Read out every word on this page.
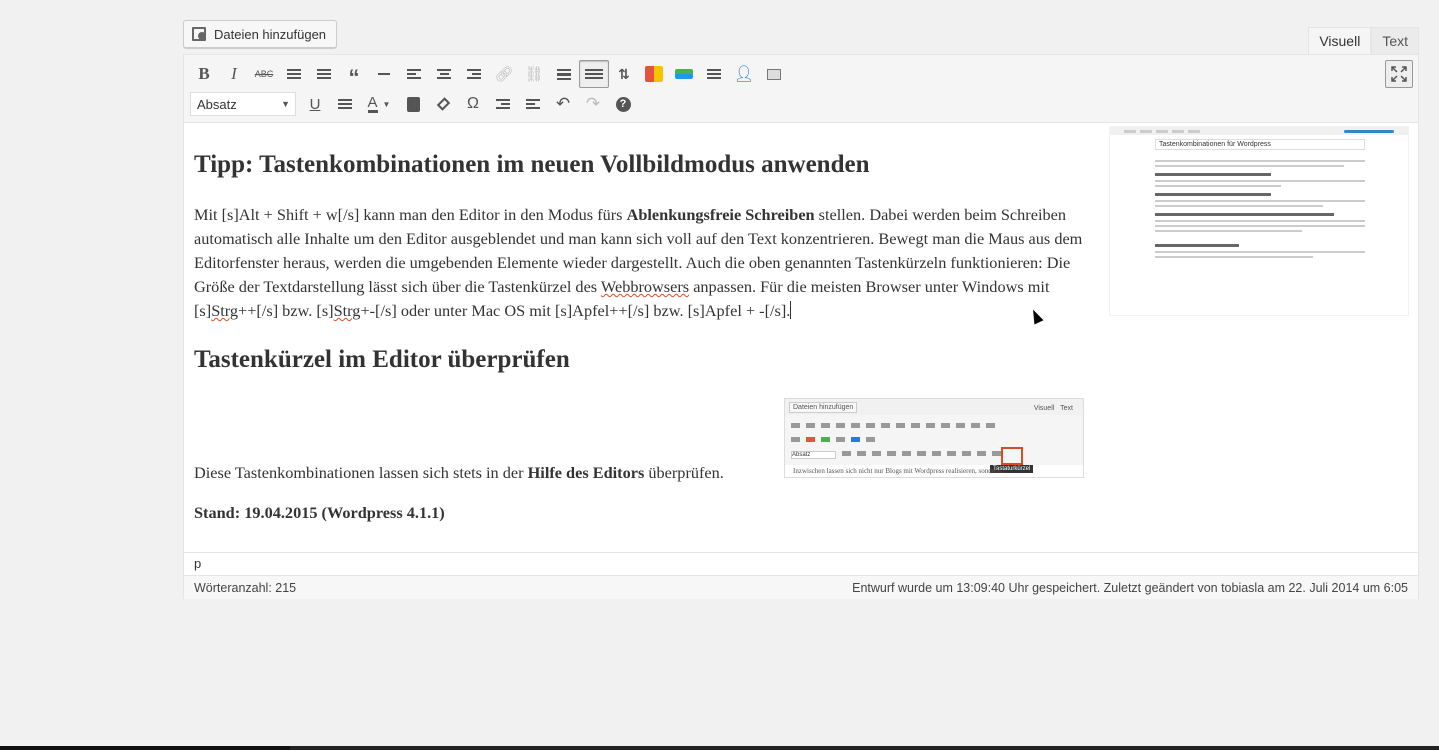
Dateien hinzufügen	Visuell	Text
B I ABC	“	🔗︎ ⛓︎	⇅	👤︎
Absatz	▼	U	A ▼	Ω	↶ ↷	?
Tastenkombinationen für Wordpress
Tipp: Tastenkombinationen im neuen Vollbildmodus anwenden

Mit [s]Alt + Shift + w[/s] kann man den Editor in den Modus fürs Ablenkungsfreie Schreiben stellen. Dabei werden beim Schreiben automatisch alle Inhalte um den Editor ausgeblendet und man kann sich voll auf den Text konzentrieren. Bewegt man die Maus aus dem Editorfenster heraus, werden die umgebenden Elemente wieder dargestellt. Auch die oben genannten Tastenkürzeln funktionieren: Die Größe der Textdarstellung lässt sich über die Tastenkürzel des Webbrowsers anpassen. Für die meisten Browser unter Windows mit [s]Strg++[/s] bzw. [s]Strg+-[/s] oder unter Mac OS mit [s]Apfel++[/s] bzw. [s]Apfel + -[/s].

Tastenkürzel im Editor überprüfen
Dateien hinzufügen	Visuell Text
Absatz
Tastaturkürzel
Inzwischen lassen sich nicht nur Blogs mit Wordpress realisieren, sondern...
Diese Tastenkombinationen lassen sich stets in der Hilfe des Editors überprüfen.
Stand: 19.04.2015 (Wordpress 4.1.1)
p
Wörteranzahl: 215	Entwurf wurde um 13:09:40 Uhr gespeichert. Zuletzt geändert von tobiasla am 22. Juli 2014 um 6:05
